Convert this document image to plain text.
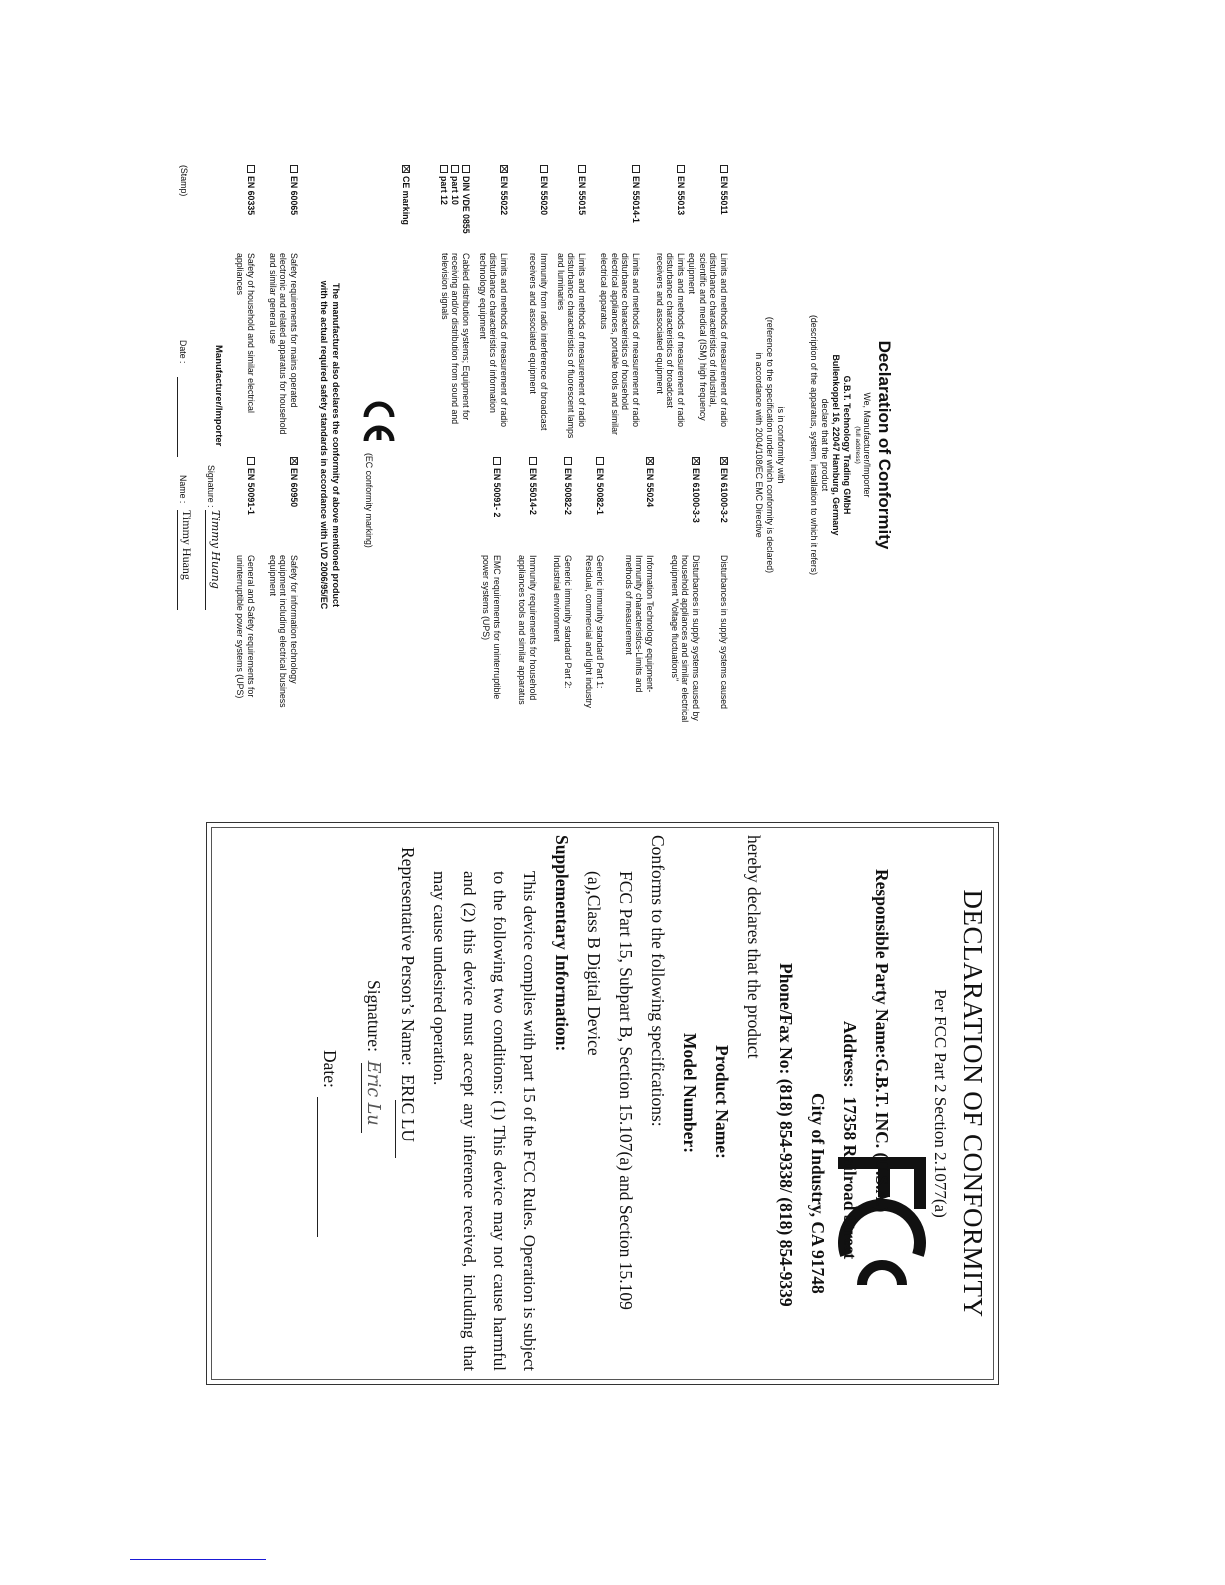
Declaration of Conformity
We, Manufacturer/Importer
(full address)
G.B.T. Technology Trading GMbH
Bullenkoppel 16, 22047 Hamburg, Germany
declare that the product
(description of the apparatus, system, installation to which it refers)
is in conformity with
(reference to the specification under which conformity is declared)
in accordance with 2004/108/EC EMC Directive
EN 55011
Limits and methods of measurement of radio disturbance characteristics of industrial, scientific and medical (ISM) high frequency equipment
EN 55013
Limits and methods of measurement of radio disturbance characteristics of broadcast receivers and associated equipment
EN 55014-1
Limits and methods of measurement of radio disturbance characteristics of household electrical appliances, portable tools and similar electrical apparatus
EN 55015
Limits and methods of measurement of radio disturbance characteristics of fluorescent lamps and luminaries
EN 55020
Immunity from radio interference of broadcast receivers and associated equipment
EN 55022
Limits and methods of measurement of radio disturbance characteristics of information technology equipment
DIN VDE 0855
Cabled distribution systems; Equipment for receiving and/or distribution from sound and television signals
part 10
part 12
CE marking
EN 60065
Safety requirements for mains operated electronic and related apparatus for household and similar general use
EN 60335
Safety of household and similar electrical appliances
EN 61000-3-2
Disturbances in supply systems caused
EN 61000-3-3
Disturbances in supply systems caused by household appliances and similar electrical equipment "Voltage fluctuations"
EN 55024
Information Technology equipment-Immunity characteristics-Limits and methods of measurement
EN 50082-1
Generic immunity standard Part 1: Residual, commercial and light industry
EN 50082-2
Generic immunity standard Part 2: Industrial environment
EN 55014-2
Immunity requirements for household appliances tools and similar apparatus
EN 50091- 2
EMC requirements for uninterruptible power systems (UPS)
EN 60950
Safety for information technology equipment including electrical business equipment
EN 50091-1
General and Safety requirements for uninterruptible power systems (UPS)
(EC conformity marking)
The manufacturer also declares the conformity of above mentioned product
with the actual required safety standards in accordance with LVD 2006/95/EC
Manufacturer/Importer
Signature :
Timmy Huang
(Stamp)
Date :
Name :
Timmy Huang
DECLARATION OF CONFORMITY
Per FCC Part 2 Section 2.1077(a)
Responsible Party Name:G.B.T. INC. (U.S.A.)
Address:  17358 Railroad Street
City of Industry, CA 91748
Phone/Fax No: (818) 854-9338/ (818) 854-9339
hereby declares that the product
Product Name:
Model Number:
Conforms to the following specifications:
FCC Part 15, Subpart B, Section 15.107(a) and Section 15.109
(a),Class B Digital Device
Supplementary Information:
This device complies with part 15 of the FCC Rules. Operation is subject to the following two conditions: (1) This device may not cause harmful and (2) this device must accept any inference received, including that may cause undesired operation.
Representative Person’s Name:  ERIC LU
Signature:  Eric Lu
Date:
